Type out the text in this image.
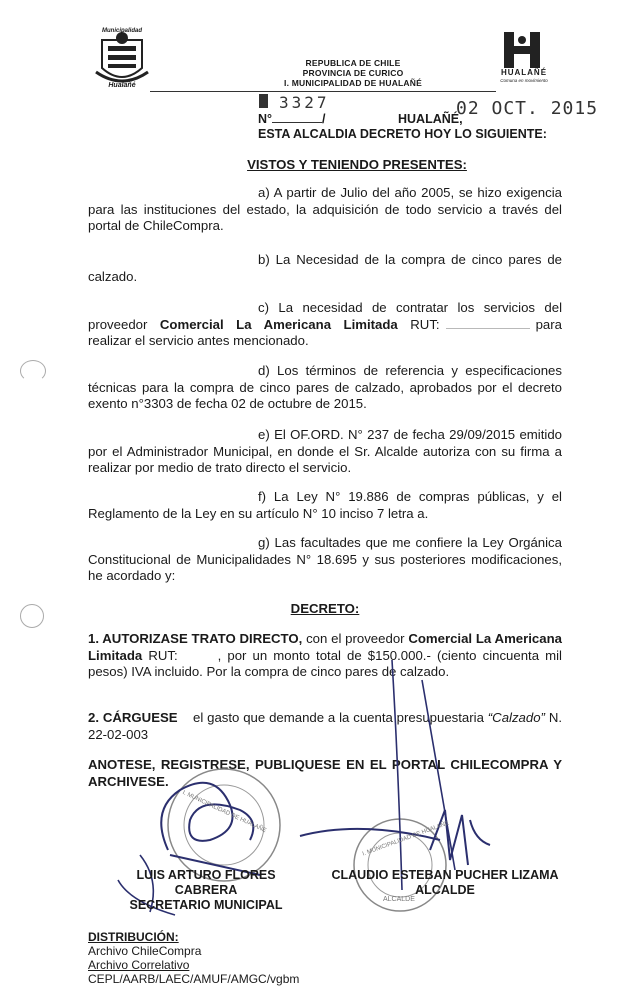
Municipalidad
Hualañé
REPUBLICA DE CHILE
PROVINCIA DE CURICO
I. MUNICIPALIDAD DE HUALAÑÉ
HUALAÑÉ
Comuna en movimiento
3327	02 OCT. 2015
N°	/	HUALAÑÉ,
ESTA ALCALDIA DECRETO HOY LO SIGUIENTE:
VISTOS Y TENIENDO PRESENTES:
a) A partir de Julio del año 2005, se hizo exigencia para las instituciones del estado, la adquisición de todo servicio a través del portal de ChileCompra.
b) La Necesidad de la compra de cinco pares de calzado.
c) La necesidad de contratar los servicios del proveedor Comercial La Americana Limitada RUT:	para realizar el servicio antes mencionado.
d) Los términos de referencia y especificaciones técnicas para la compra de cinco pares de calzado, aprobados por el decreto exento n°3303 de fecha 02 de octubre de 2015.
e) El OF.ORD. N° 237 de fecha 29/09/2015 emitido por el Administrador Municipal, en donde el Sr. Alcalde autoriza con su firma a realizar por medio de trato directo el servicio.
f) La Ley N° 19.886 de compras públicas, y el Reglamento de la Ley en su artículo N° 10 inciso 7 letra a.
g) Las facultades que me confiere la Ley Orgánica Constitucional de Municipalidades N° 18.695 y sus posteriores modificaciones, he acordado y:
DECRETO:
1. AUTORIZASE TRATO DIRECTO, con el proveedor Comercial La Americana Limitada RUT:	, por un monto total de $150.000.- (ciento cincuenta mil pesos) IVA incluido. Por la compra de cinco pares de calzado.
2. CÁRGUESE el gasto que demande a la cuenta presupuestaria “Calzado” N. 22-02-003
ANOTESE, REGISTRESE, PUBLIQUESE EN EL PORTAL CHILECOMPRA Y ARCHIVESE.
I. MUNICIPALIDAD DE HUALAÑE
I. MUNICIPALIDAD DE HUALAÑE
ALCALDE
LUIS ARTURO FLORES CABRERA
SECRETARIO MUNICIPAL
CLAUDIO ESTEBAN PUCHER LIZAMA
ALCALDE
DISTRIBUCIÓN:
Archivo ChileCompra
Archivo Correlativo
CEPL/AARB/LAEC/AMUF/AMGC/vgbm
